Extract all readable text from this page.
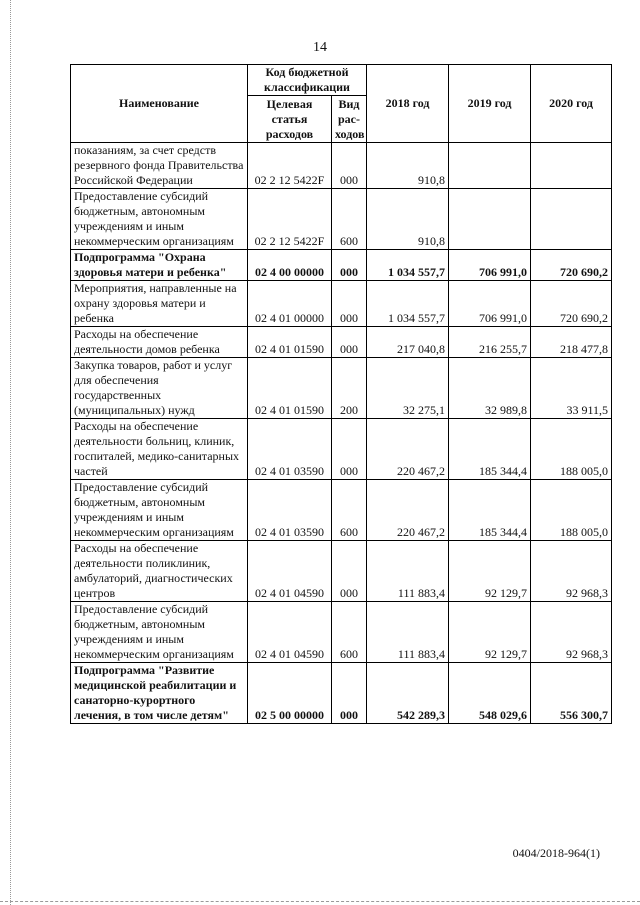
14
Наименование	Код бюджетной классификации		2018 год	2019 год	2020 год
	Целевая статья расходов	Вид рас-ходов			
показаниям, за счет средств резервного фонда Правительства Российской Федерации	02 2 12 5422F	000	910,8		
Предоставление субсидий бюджетным, автономным учреждениям и иным некоммерческим организациям	02 2 12 5422F	600	910,8		
Подпрограмма "Охрана здоровья матери и ребенка"	02 4 00 00000	000	1 034 557,7	706 991,0	720 690,2
Мероприятия, направленные на охрану здоровья матери и ребенка	02 4 01 00000	000	1 034 557,7	706 991,0	720 690,2
Расходы на обеспечение деятельности домов ребенка	02 4 01 01590	000	217 040,8	216 255,7	218 477,8
Закупка товаров, работ и услуг для обеспечения государственных (муниципальных) нужд	02 4 01 01590	200	32 275,1	32 989,8	33 911,5
Расходы на обеспечение деятельности больниц, клиник, госпиталей, медико-санитарных частей	02 4 01 03590	000	220 467,2	185 344,4	188 005,0
Предоставление субсидий бюджетным, автономным учреждениям и иным некоммерческим организациям	02 4 01 03590	600	220 467,2	185 344,4	188 005,0
Расходы на обеспечение деятельности поликлиник, амбулаторий, диагностических центров	02 4 01 04590	000	111 883,4	92 129,7	92 968,3
Предоставление субсидий бюджетным, автономным учреждениям и иным некоммерческим организациям	02 4 01 04590	600	111 883,4	92 129,7	92 968,3
Подпрограмма "Развитие медицинской реабилитации и санаторно-курортного лечения, в том числе детям"	02 5 00 00000	000	542 289,3	548 029,6	556 300,7
0404/2018-964(1)
